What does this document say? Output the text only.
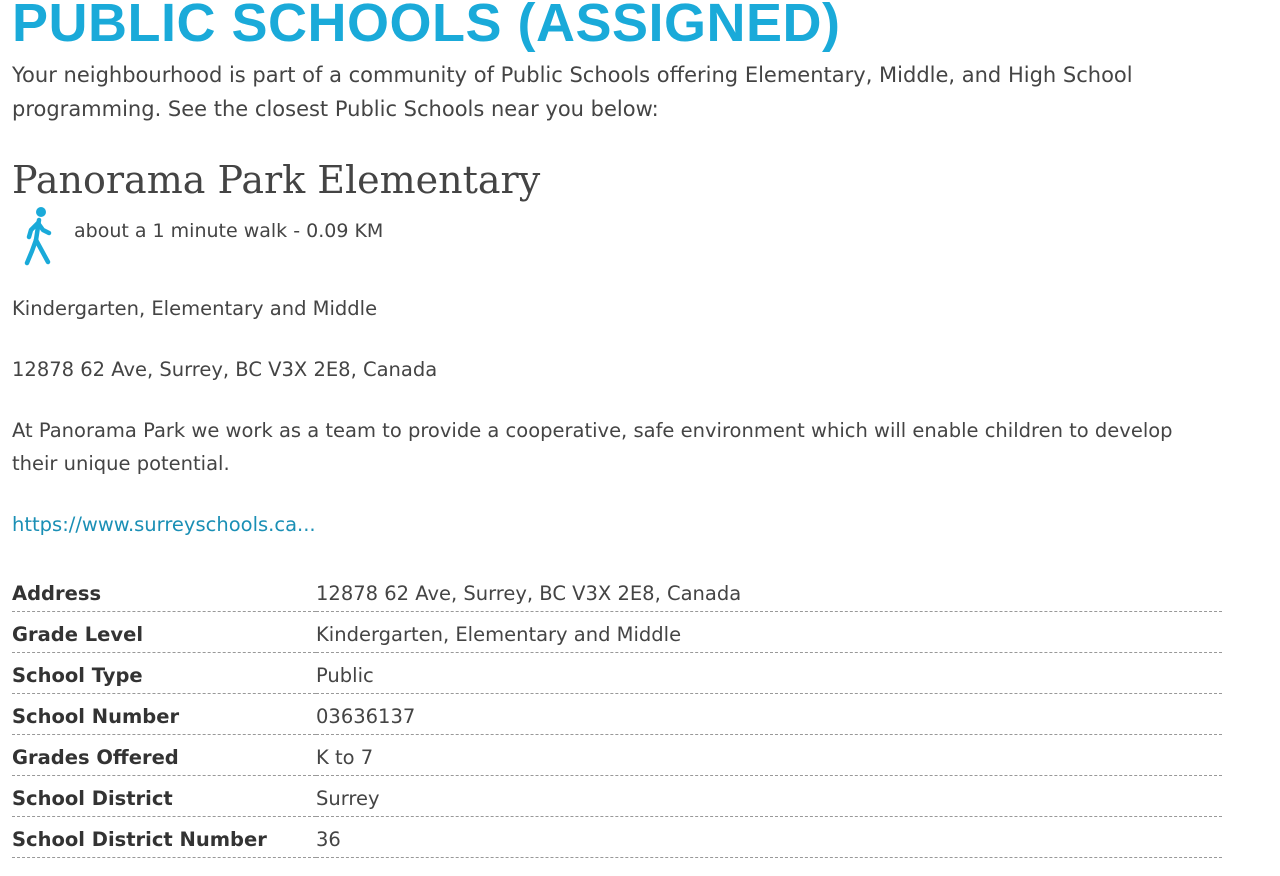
PUBLIC SCHOOLS (ASSIGNED)

Your neighbourhood is part of a community of Public Schools offering Elementary, Middle, and High School programming. See the closest Public Schools near you below:

Panorama Park Elementary
about a 1 minute walk - 0.09 KM

Kindergarten, Elementary and Middle

12878 62 Ave, Surrey, BC V3X 2E8, Canada

At Panorama Park we work as a team to provide a cooperative, safe environment which will enable children to develop their unique potential.

https://www.surreyschools.ca...

Address	12878 62 Ave, Surrey, BC V3X 2E8, Canada
Grade Level	Kindergarten, Elementary and Middle
School Type	Public
School Number	03636137
Grades Offered	K to 7
School District	Surrey
School District Number	36
